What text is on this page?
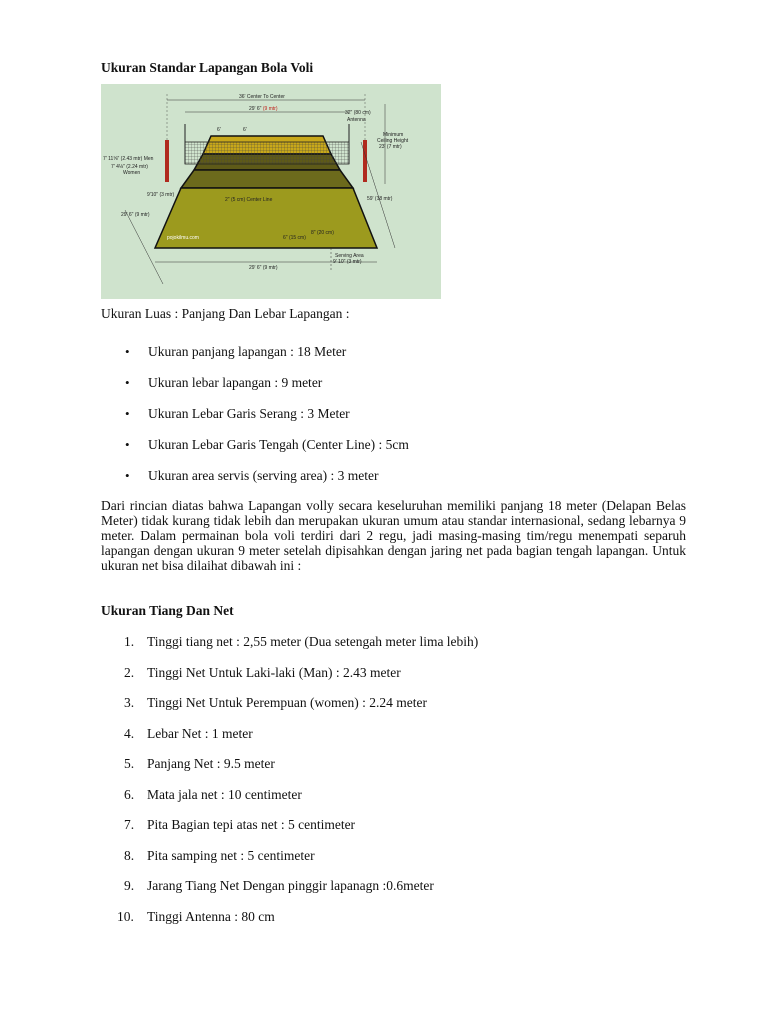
Ukuran Standar Lapangan Bola Voli
36' Center To Center
29' 6" (9 mtr)
32" (80 cm)
Antenna
Minimum
Ceiling Height
23' (7 mtr)
6'	6'
7' 11⅝" (2.43 mtr) Men
7' 4⅛" (2.24 mtr)
Women
9'10" (3 mtr)
2" (5 cm) Center Line
29' 6" (9 mtr)
59' (18 mtr)
pojokilmu.com
8" (20 cm)
6" (15 cm)
29' 6" (9 mtr)
Serving Area
9' 10" (3 mtr)
Ukuran Luas : Panjang Dan Lebar Lapangan :
• Ukuran panjang lapangan : 18 Meter
• Ukuran lebar lapangan : 9 meter
• Ukuran Lebar Garis Serang : 3 Meter
• Ukuran Lebar Garis Tengah (Center Line) : 5cm
• Ukuran area servis (serving area) : 3 meter

Dari rincian diatas bahwa Lapangan volly secara keseluruhan memiliki panjang 18 meter (Delapan Belas Meter) tidak kurang tidak lebih dan merupakan ukuran umum atau standar internasional, sedang lebarnya 9 meter. Dalam permainan bola voli terdiri dari 2 regu, jadi masing-masing tim/regu menempati separuh lapangan dengan ukuran 9 meter setelah dipisahkan dengan jaring net pada bagian tengah lapangan. Untuk ukuran net bisa dilaihat dibawah ini :

Ukuran Tiang Dan Net
1. Tinggi tiang net : 2,55 meter (Dua setengah meter lima lebih)
2. Tinggi Net Untuk Laki-laki (Man) : 2.43 meter
3. Tinggi Net Untuk Perempuan (women) : 2.24 meter
4. Lebar Net : 1 meter
5. Panjang Net : 9.5 meter
6. Mata jala net : 10 centimeter
7. Pita Bagian tepi atas net : 5 centimeter
8. Pita samping net : 5 centimeter
9. Jarang Tiang Net Dengan pinggir lapanagn :0.6meter
10. Tinggi Antenna : 80 cm
